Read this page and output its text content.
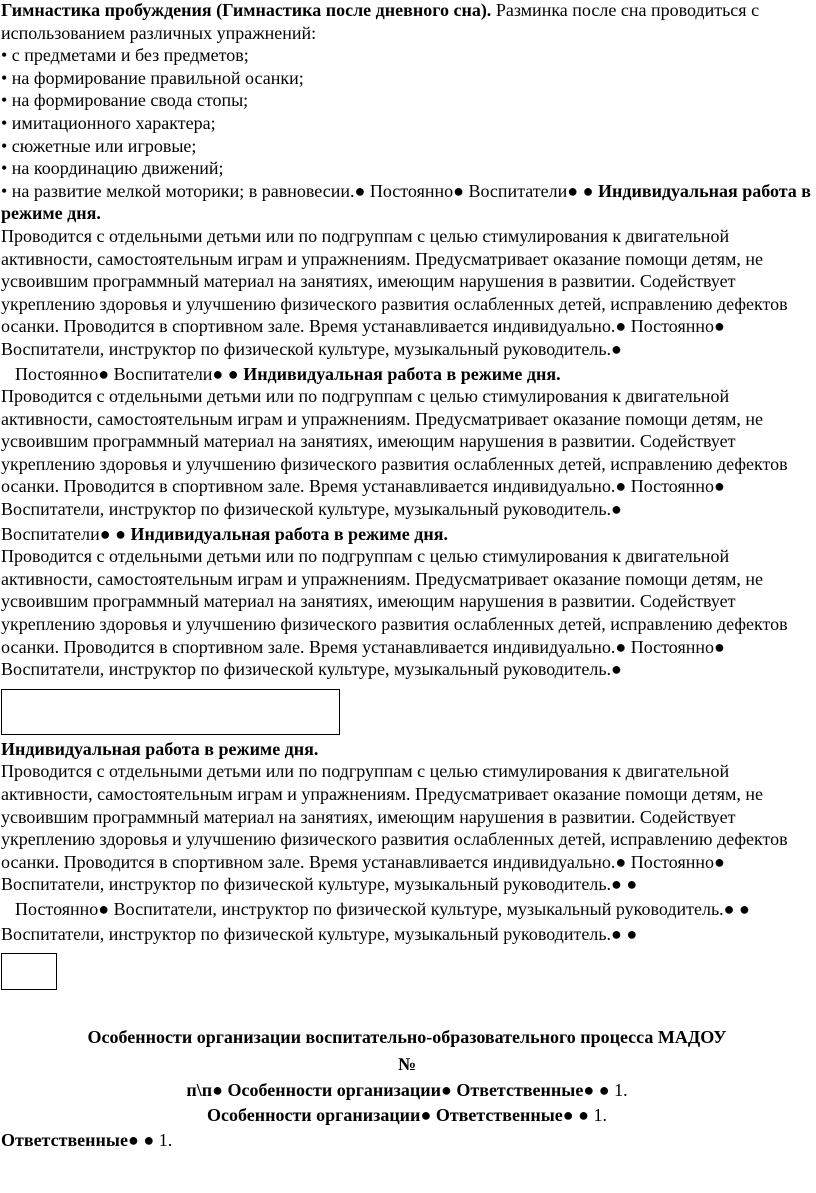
Гимнастика пробуждения (Гимнастика после дневного сна). Разминка после сна проводиться с использованием различных упражнений:

• с предметами и без предметов;

• на формирование правильной осанки;

• на формирование свода стопы;

• имитационного характера;

• сюжетные или игровые;

• на координацию движений;

• на развитие мелкой моторики; в равновесии.● Постоянно● Воспитатели● ● Индивидуальная работа в режиме дня.

Проводится с отдельными детьми или по подгруппам с целью стимулирования к двигательной активности, самостоятельным играм и упражнениям. Предусматривает оказание помощи детям, не усвоившим программный материал на занятиях, имеющим нарушения в развитии. Содействует укреплению здоровья и улучшению физического развития ослабленных детей, исправлению дефектов осанки. Проводится в спортивном зале. Время устанавливается индивидуально.● Постоянно● Воспитатели, инструктор по физической культуре, музыкальный руководитель.●

Постоянно● Воспитатели● ● Индивидуальная работа в режиме дня.

Проводится с отдельными детьми или по подгруппам с целью стимулирования к двигательной активности, самостоятельным играм и упражнениям. Предусматривает оказание помощи детям, не усвоившим программный материал на занятиях, имеющим нарушения в развитии. Содействует укреплению здоровья и улучшению физического развития ослабленных детей, исправлению дефектов осанки. Проводится в спортивном зале. Время устанавливается индивидуально.● Постоянно● Воспитатели, инструктор по физической культуре, музыкальный руководитель.●

Воспитатели● ● Индивидуальная работа в режиме дня.

Проводится с отдельными детьми или по подгруппам с целью стимулирования к двигательной активности, самостоятельным играм и упражнениям. Предусматривает оказание помощи детям, не усвоившим программный материал на занятиях, имеющим нарушения в развитии. Содействует укреплению здоровья и улучшению физического развития ослабленных детей, исправлению дефектов осанки. Проводится в спортивном зале. Время устанавливается индивидуально.● Постоянно● Воспитатели, инструктор по физической культуре, музыкальный руководитель.●

Индивидуальная работа в режиме дня.

Проводится с отдельными детьми или по подгруппам с целью стимулирования к двигательной активности, самостоятельным играм и упражнениям. Предусматривает оказание помощи детям, не усвоившим программный материал на занятиях, имеющим нарушения в развитии. Содействует укреплению здоровья и улучшению физического развития ослабленных детей, исправлению дефектов осанки. Проводится в спортивном зале. Время устанавливается индивидуально.● Постоянно● Воспитатели, инструктор по физической культуре, музыкальный руководитель.● ●

Постоянно● Воспитатели, инструктор по физической культуре, музыкальный руководитель.● ●

Воспитатели, инструктор по физической культуре, музыкальный руководитель.● ●

Особенности организации воспитательно-образовательного процесса МАДОУ

№

п\п● Особенности организации● Ответственные● ● 1.

Особенности организации● Ответственные● ● 1.

Ответственные● ● 1.
